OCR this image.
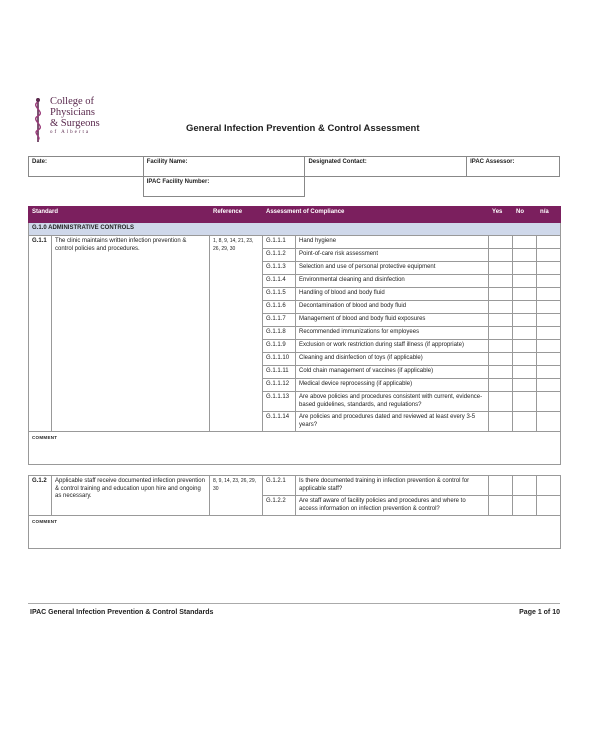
College of
Physicians
& Surgeons
of Alberta	General Infection Prevention & Control Assessment
Date:	Facility Name:	Designated Contact:	IPAC Assessor:
	IPAC Facility Number:		
Standard		Reference	Assessment of Compliance		Yes	No	n/a
G.1.0 ADMINISTRATIVE CONTROLS							
G.1.1	The clinic maintains written infection prevention & control policies and procedures.	1, 8, 9, 14, 21, 23, 26, 29, 30	G.1.1.1	Hand hygiene			
			G.1.1.2	Point-of-care risk assessment			
			G.1.1.3	Selection and use of personal protective equipment			
			G.1.1.4	Environmental cleaning and disinfection			
			G.1.1.5	Handling of blood and body fluid			
			G.1.1.6	Decontamination of blood and body fluid			
			G.1.1.7	Management of blood and body fluid exposures			
			G.1.1.8	Recommended immunizations for employees			
			G.1.1.9	Exclusion or work restriction during staff illness (if appropriate)			
			G.1.1.10	Cleaning and disinfection of toys (if applicable)			
			G.1.1.11	Cold chain management of vaccines (if applicable)			
			G.1.1.12	Medical device reprocessing (if applicable)			
			G.1.1.13	Are above policies and procedures consistent with current, evidence-based guidelines, standards, and regulations?			
			G.1.1.14	Are policies and procedures dated and reviewed at least every 3-5 years?			
COMMENT							

G.1.2	Applicable staff receive documented infection prevention & control training and education upon hire and ongoing as necessary.	8, 9, 14, 23, 26, 29, 30	G.1.2.1	Is there documented training in infection prevention & control for applicable staff?			
			G.1.2.2	Are staff aware of facility policies and procedures and where to access information on infection prevention & control?			
COMMENT							
IPAC General Infection Prevention & Control Standards	Page 1 of 10
